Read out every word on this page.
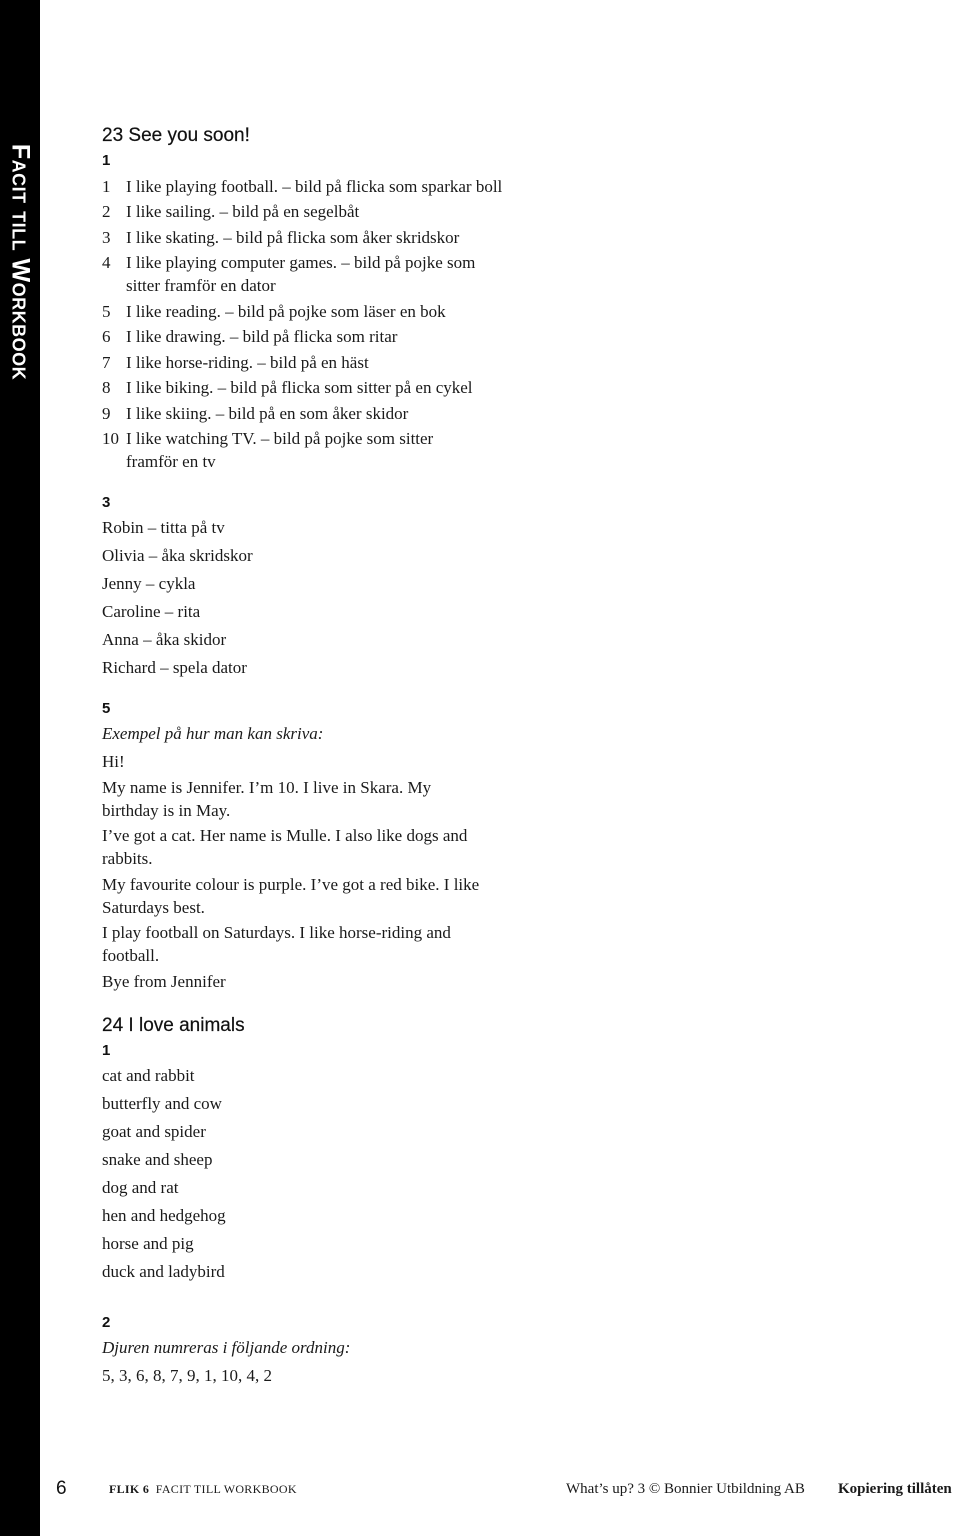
Facit till Workbook
23 See you soon!
1
1 I like playing football. – bild på flicka som sparkar boll
2 I like sailing. – bild på en segelbåt
3 I like skating. – bild på flicka som åker skridskor
4 I like playing computer games. – bild på pojke som sitter framför en dator
5 I like reading. – bild på pojke som läser en bok
6 I like drawing. – bild på flicka som ritar
7 I like horse-riding. – bild på en häst
8 I like biking. – bild på flicka som sitter på en cykel
9 I like skiing. – bild på en som åker skidor
10 I like watching TV. – bild på pojke som sitter framför en tv
3
Robin – titta på tv
Olivia – åka skridskor
Jenny – cykla
Caroline – rita
Anna – åka skidor
Richard – spela dator
5
Exempel på hur man kan skriva:
Hi!
My name is Jennifer. I’m 10. I live in Skara. My birthday is in May.
I’ve got a cat. Her name is Mulle. I also like dogs and rabbits.
My favourite colour is purple. I’ve got a red bike. I like Saturdays best.
I play football on Saturdays. I like horse-riding and football.
Bye from Jennifer
24 I love animals
1
cat and rabbit
butterfly and cow
goat and spider
snake and sheep
dog and rat
hen and hedgehog
horse and pig
duck and ladybird
2
Djuren numreras i följande ordning:
5, 3, 6, 8, 7, 9, 1, 10, 4, 2
6	FLIK 6 FACIT TILL WORKBOOK	What’s up? 3 © Bonnier Utbildning AB Kopiering tillåten
